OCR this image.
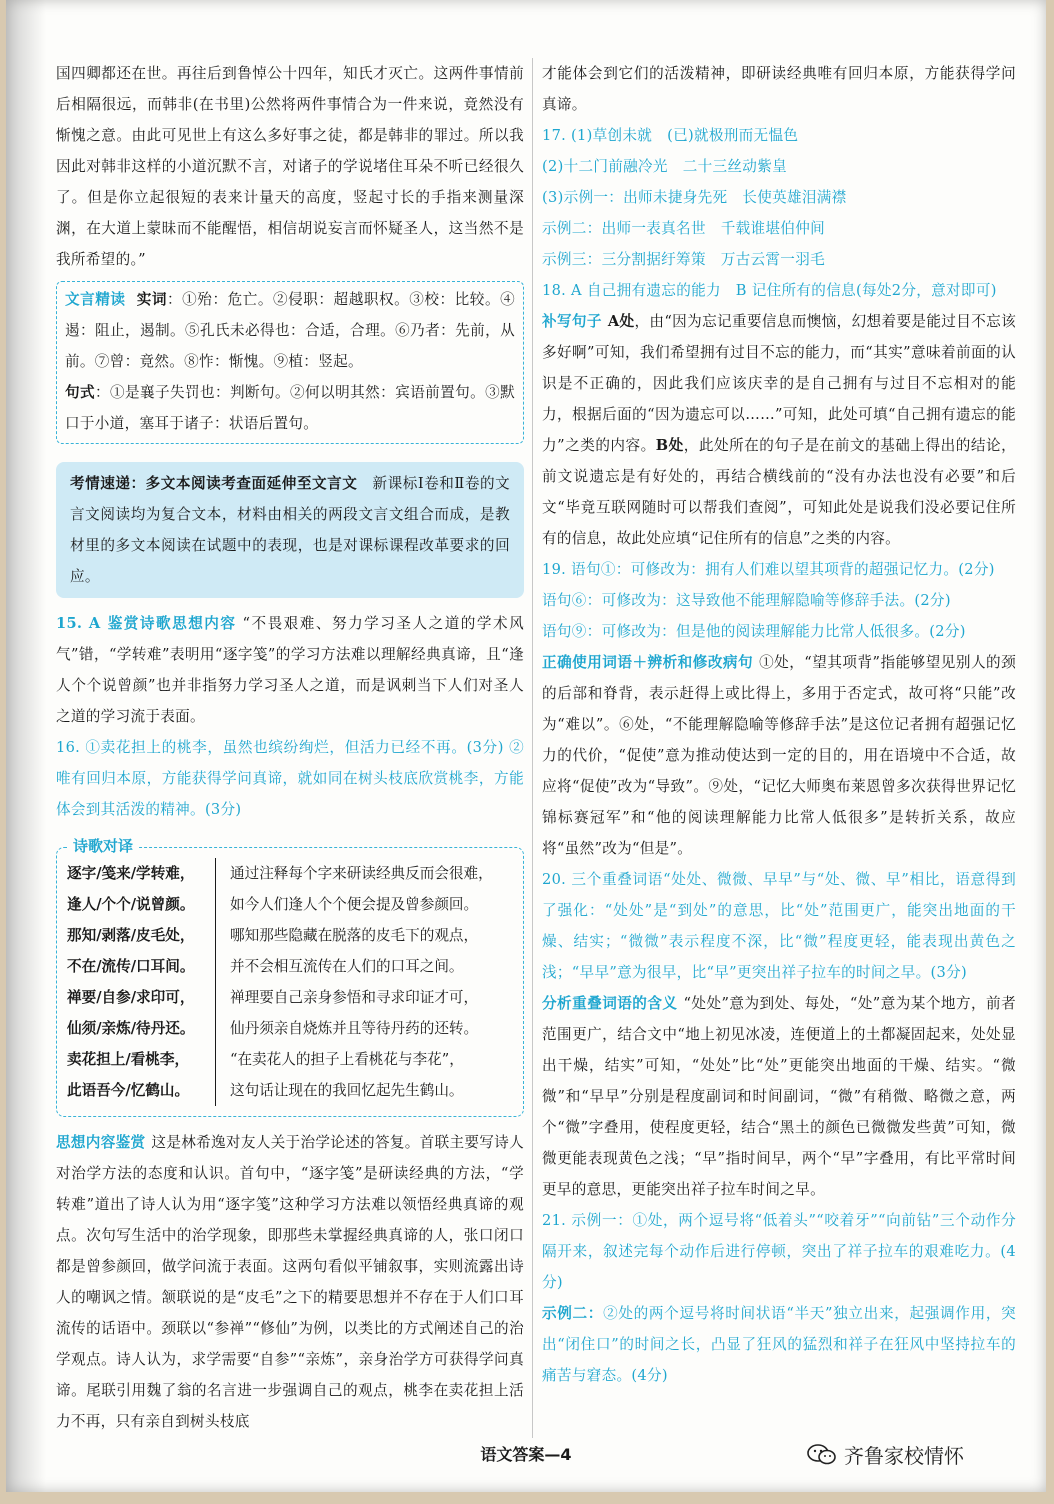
国四卿都还在世。再往后到鲁悼公十四年，知氏才灭亡。这两件事情前后相隔很远，而韩非(在书里)公然将两件事情合为一件来说，竟然没有惭愧之意。由此可见世上有这么多好事之徒，都是韩非的罪过。所以我因此对韩非这样的小道沉默不言，对诸子的学说堵住耳朵不听已经很久了。但是你立起很短的表来计量天的高度，竖起寸长的手指来测量深渊，在大道上蒙昧而不能醒悟，相信胡说妄言而怀疑圣人，这当然不是我所希望的。”

文言精读 实词：①殆：危亡。②侵职：超越职权。③校：比较。④遏：阻止，遏制。⑤孔氏未必得也：合适，合理。⑥乃者：先前，从前。⑦曾：竟然。⑧怍：惭愧。⑨植：竖起。

句式：①是襄子失罚也：判断句。②何以明其然：宾语前置句。③默口于小道，塞耳于诸子：状语后置句。

考情速递：多文本阅读考查面延伸至文言文　 新课标Ⅰ卷和Ⅱ卷的文言文阅读均为复合文本，材料由相关的两段文言文组合而成，是教材里的多文本阅读在试题中的表现，也是对课标课程改革要求的回应。

15. A 鉴赏诗歌思想内容 “不畏艰难、努力学习圣人之道的学术风气”错，“学转难”表明用“逐字笺”的学习方法难以理解经典真谛，且“逢人个个说曾颜”也并非指努力学习圣人之道，而是讽刺当下人们对圣人之道的学习流于表面。

16. ①卖花担上的桃李，虽然也缤纷绚烂，但活力已经不再。(3分) ②唯有回归本原，方能获得学问真谛，就如同在树头枝底欣赏桃李，方能体会到其活泼的精神。(3分)

诗歌对译
逐字/笺来/学转难，
逢人/个个/说曾颜。
那知/剥落/皮毛处，
不在/流传/口耳间。
禅要/自参/求印可，
仙须/亲炼/待丹还。
卖花担上/看桃李，
此语吾今/忆鹤山。
通过注释每个字来研读经典反而会很难，
如今人们逢人个个便会提及曾参颜回。
哪知那些隐藏在脱落的皮毛下的观点，
并不会相互流传在人们的口耳之间。
禅理要自己亲身参悟和寻求印证才可，
仙丹须亲自烧炼并且等待丹药的还转。
“在卖花人的担子上看桃花与李花”，
这句话让现在的我回忆起先生鹤山。

思想内容鉴赏 这是林希逸对友人关于治学论述的答复。首联主要写诗人对治学方法的态度和认识。首句中，“逐字笺”是研读经典的方法，“学转难”道出了诗人认为用“逐字笺”这种学习方法难以领悟经典真谛的观点。次句写生活中的治学现象，即那些未掌握经典真谛的人，张口闭口都是曾参颜回，做学问流于表面。这两句看似平铺叙事，实则流露出诗人的嘲讽之情。颔联说的是“皮毛”之下的精要思想并不存在于人们口耳流传的话语中。颈联以“参禅”“修仙”为例，以类比的方式阐述自己的治学观点。诗人认为，求学需要“自参”“亲炼”，亲身治学方可获得学问真谛。尾联引用魏了翁的名言进一步强调自己的观点，桃李在卖花担上活力不再，只有亲自到树头枝底

才能体会到它们的活泼精神，即研读经典唯有回归本原，方能获得学问真谛。

17. (1)草创未就　(已)就极刑而无愠色

(2)十二门前融冷光　二十三丝动紫皇

(3)示例一：出师未捷身先死　长使英雄泪满襟

示例二：出师一表真名世　千载谁堪伯仲间

示例三：三分割据纡筹策　万古云霄一羽毛

18. A 自己拥有遗忘的能力　B 记住所有的信息(每处2分，意对即可)

补写句子 A处，由“因为忘记重要信息而懊恼，幻想着要是能过目不忘该多好啊”可知，我们希望拥有过目不忘的能力，而“其实”意味着前面的认识是不正确的，因此我们应该庆幸的是自己拥有与过目不忘相对的能力，根据后面的“因为遗忘可以……”可知，此处可填“自己拥有遗忘的能力”之类的内容。B处，此处所在的句子是在前文的基础上得出的结论，前文说遗忘是有好处的，再结合横线前的“没有办法也没有必要”和后文“毕竟互联网随时可以帮我们查阅”，可知此处是说我们没必要记住所有的信息，故此处应填“记住所有的信息”之类的内容。

19. 语句①：可修改为：拥有人们难以望其项背的超强记忆力。(2分)

语句⑥：可修改为：这导致他不能理解隐喻等修辞手法。(2分)

语句⑨：可修改为：但是他的阅读理解能力比常人低很多。(2分)

正确使用词语＋辨析和修改病句 ①处，“望其项背”指能够望见别人的颈的后部和脊背，表示赶得上或比得上，多用于否定式，故可将“只能”改为“难以”。⑥处，“不能理解隐喻等修辞手法”是这位记者拥有超强记忆力的代价，“促使”意为推动使达到一定的目的，用在语境中不合适，故应将“促使”改为“导致”。⑨处，“记忆大师奥布莱恩曾多次获得世界记忆锦标赛冠军”和“他的阅读理解能力比常人低很多”是转折关系，故应将“虽然”改为“但是”。

20. 三个重叠词语“处处、微微、早早”与“处、微、早”相比，语意得到了强化：“处处”是“到处”的意思，比“处”范围更广，能突出地面的干燥、结实；“微微”表示程度不深，比“微”程度更轻，能表现出黄色之浅；“早早”意为很早，比“早”更突出祥子拉车的时间之早。(3分)

分析重叠词语的含义 “处处”意为到处、每处，“处”意为某个地方，前者范围更广，结合文中“地上初见冰凌，连便道上的土都凝固起来，处处显出干燥，结实”可知，“处处”比“处”更能突出地面的干燥、结实。“微微”和“早早”分别是程度副词和时间副词，“微”有稍微、略微之意，两个“微”字叠用，使程度更轻，结合“黑土的颜色已微微发些黄”可知，微微更能表现黄色之浅；“早”指时间早，两个“早”字叠用，有比平常时间更早的意思，更能突出祥子拉车时间之早。

21. 示例一：①处，两个逗号将“低着头”“咬着牙”“向前钻”三个动作分隔开来，叙述完每个动作后进行停顿，突出了祥子拉车的艰难吃力。(4分)

示例二：②处的两个逗号将时间状语“半天”独立出来，起强调作用，突出“闭住口”的时间之长，凸显了狂风的猛烈和祥子在狂风中坚持拉车的痛苦与窘态。(4分)

语文答案—4	齐鲁家校情怀
